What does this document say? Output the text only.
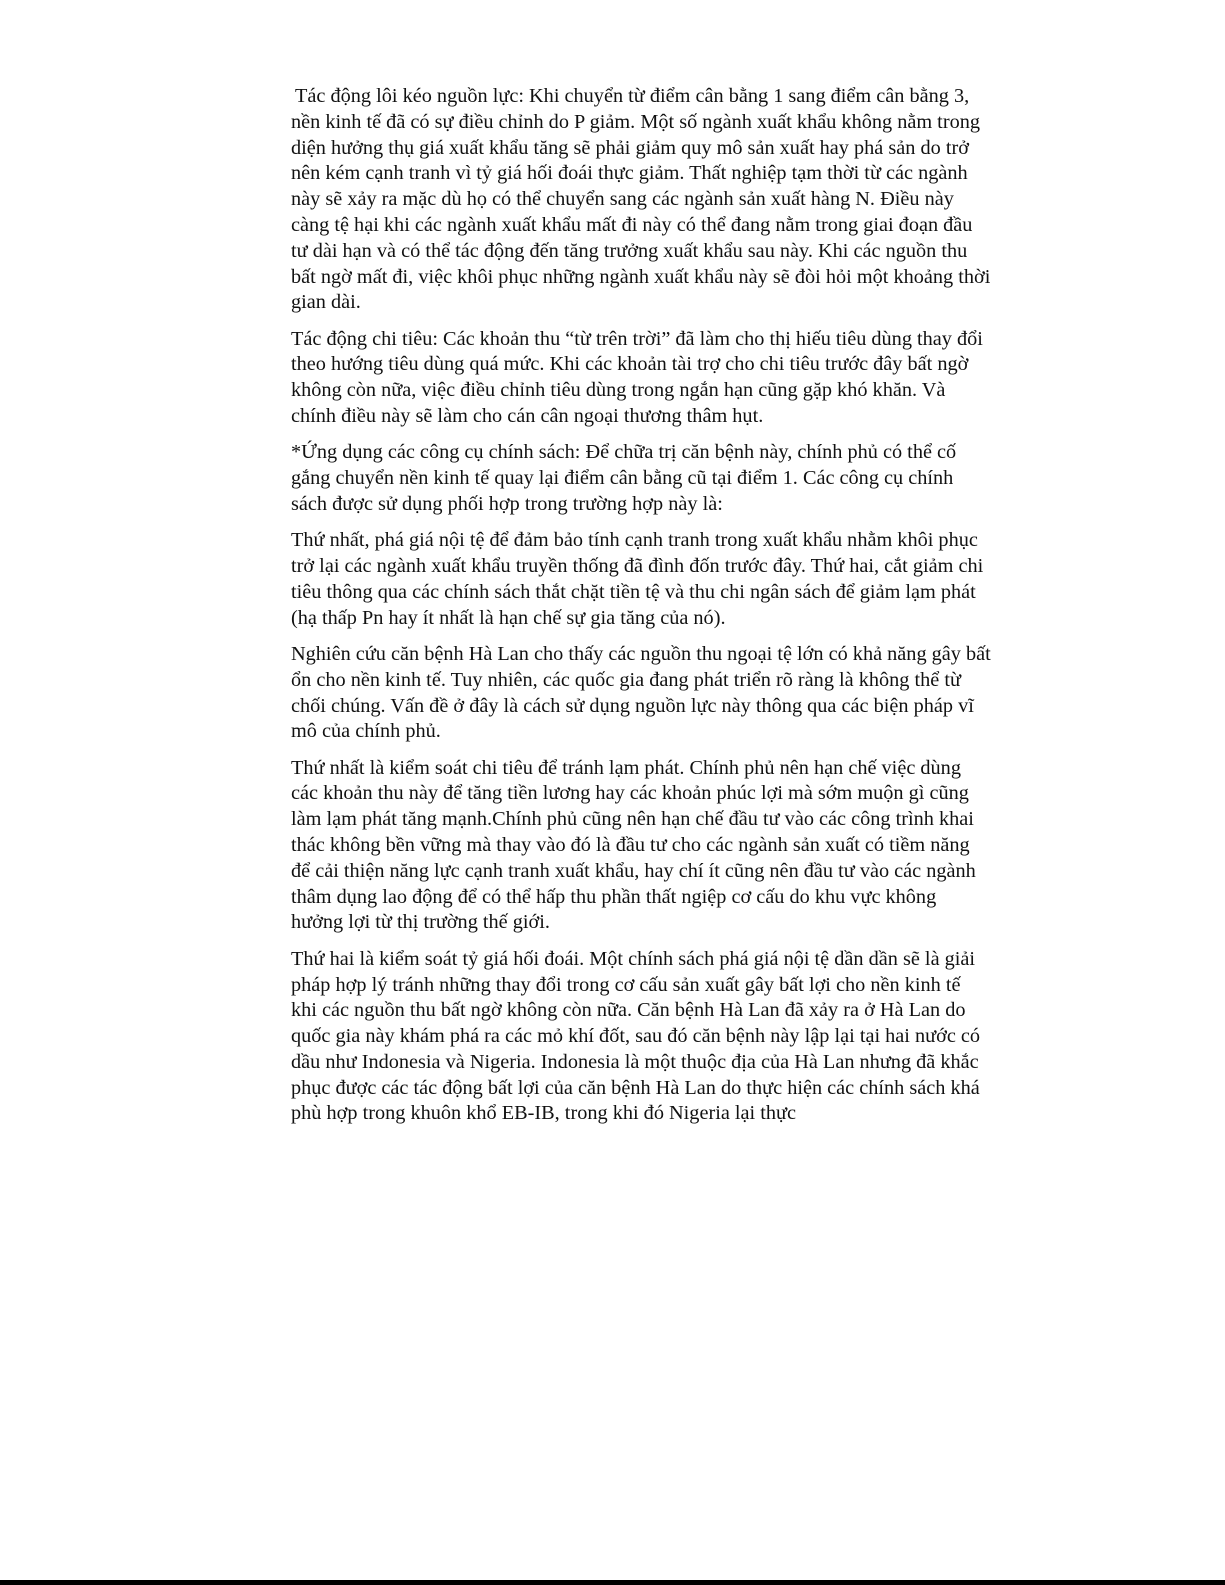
Tác động lôi kéo nguồn lực: Khi chuyển từ điểm cân bằng 1 sang điểm cân bằng 3, nền kinh tế đã có sự điều chỉnh do P giảm. Một số ngành xuất khẩu không nằm trong diện hưởng thụ giá xuất khẩu tăng sẽ phải giảm quy mô sản xuất hay phá sản do trở nên kém cạnh tranh vì tỷ giá hối đoái thực giảm. Thất nghiệp tạm thời từ các ngành này sẽ xảy ra mặc dù họ có thể chuyển sang các ngành sản xuất hàng N. Điều này càng tệ hại khi các ngành xuất khẩu mất đi này có thể đang nằm trong giai đoạn đầu tư dài hạn và có thể tác động đến tăng trưởng xuất khẩu sau này. Khi các nguồn thu bất ngờ mất đi, việc khôi phục những ngành xuất khẩu này sẽ đòi hỏi một khoảng thời gian dài.

Tác động chi tiêu: Các khoản thu “từ trên trời” đã làm cho thị hiếu tiêu dùng thay đổi theo hướng tiêu dùng quá mức. Khi các khoản tài trợ cho chi tiêu trước đây bất ngờ không còn nữa, việc điều chỉnh tiêu dùng trong ngắn hạn cũng gặp khó khăn. Và chính điều này sẽ làm cho cán cân ngoại thương thâm hụt.

*Ứng dụng các công cụ chính sách: Để chữa trị căn bệnh này, chính phủ có thể cố gắng chuyển nền kinh tế quay lại điểm cân bằng cũ tại điểm 1. Các công cụ chính sách được sử dụng phối hợp trong trường hợp này là:

Thứ nhất, phá giá nội tệ để đảm bảo tính cạnh tranh trong xuất khẩu nhằm khôi phục trở lại các ngành xuất khẩu truyền thống đã đình đốn trước đây. Thứ hai, cắt giảm chi tiêu thông qua các chính sách thắt chặt tiền tệ và thu chi ngân sách để giảm lạm phát (hạ thấp Pn hay ít nhất là hạn chế sự gia tăng của nó).

Nghiên cứu căn bệnh Hà Lan cho thấy các nguồn thu ngoại tệ lớn có khả năng gây bất ổn cho nền kinh tế. Tuy nhiên, các quốc gia đang phát triển rõ ràng là không thể từ chối chúng. Vấn đề ở đây là cách sử dụng nguồn lực này thông qua các biện pháp vĩ mô của chính phủ.

Thứ nhất là kiểm soát chi tiêu để tránh lạm phát. Chính phủ nên hạn chế việc dùng các khoản thu này để tăng tiền lương hay các khoản phúc lợi mà sớm muộn gì cũng làm lạm phát tăng mạnh.Chính phủ cũng nên hạn chế đầu tư vào các công trình khai thác không bền vững mà thay vào đó là đầu tư cho các ngành sản xuất có tiềm năng để cải thiện năng lực cạnh tranh xuất khẩu, hay chí ít cũng nên đầu tư vào các ngành thâm dụng lao động để có thể hấp thu phần thất ngiệp cơ cấu do khu vực không hưởng lợi từ thị trường thế giới.

Thứ hai là kiểm soát tỷ giá hối đoái. Một chính sách phá giá nội tệ dần dần sẽ là giải pháp hợp lý tránh những thay đổi trong cơ cấu sản xuất gây bất lợi cho nền kinh tế khi các nguồn thu bất ngờ không còn nữa. Căn bệnh Hà Lan đã xảy ra ở Hà Lan do quốc gia này khám phá ra các mỏ khí đốt, sau đó căn bệnh này lập lại tại hai nước có dầu như Indonesia và Nigeria. Indonesia là một thuộc địa của Hà Lan nhưng đã khắc phục được các tác động bất lợi của căn bệnh Hà Lan do thực hiện các chính sách khá phù hợp trong khuôn khổ EB-IB, trong khi đó Nigeria lại thực
